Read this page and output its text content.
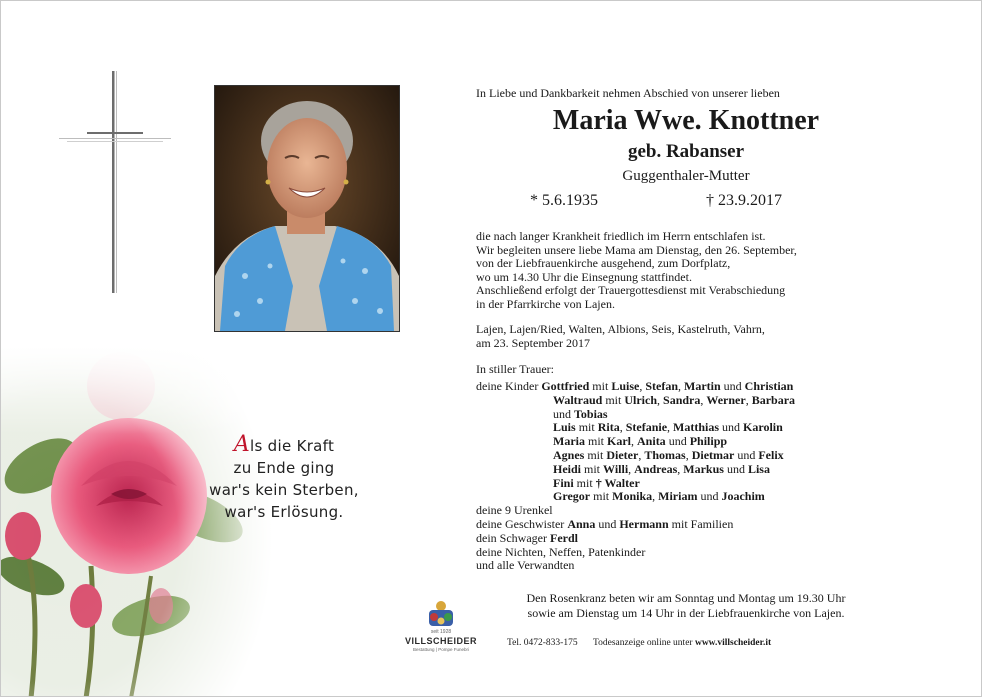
Als die Kraft
zu Ende ging
war's kein Sterben,
war's Erlösung.
In Liebe und Dankbarkeit nehmen Abschied von unserer lieben
Maria Wwe. Knottner
geb. Rabanser
Guggenthaler-Mutter
* 5.6.1935	† 23.9.2017
die nach langer Krankheit friedlich im Herrn entschlafen ist.
Wir begleiten unsere liebe Mama am Dienstag, den 26. September,
von der Liebfrauenkirche ausgehend, zum Dorfplatz,
wo um 14.30 Uhr die Einsegnung stattfindet.
Anschließend erfolgt der Trauergottesdienst mit Verabschiedung
in der Pfarrkirche von Lajen.
Lajen, Lajen/Ried, Walten, Albions, Seis, Kastelruth, Vahrn,
am 23. September 2017
In stiller Trauer:
deine Kinder Gottfried mit Luise, Stefan, Martin und Christian
Waltraud mit Ulrich, Sandra, Werner, Barbara
und Tobias
Luis mit Rita, Stefanie, Matthias und Karolin
Maria mit Karl, Anita und Philipp
Agnes mit Dieter, Thomas, Dietmar und Felix
Heidi mit Willi, Andreas, Markus und Lisa
Fini mit † Walter
Gregor mit Monika, Miriam und Joachim
deine 9 Urenkel
deine Geschwister Anna und Hermann mit Familien
dein Schwager Ferdl
deine Nichten, Neffen, Patenkinder
und alle Verwandten
Den Rosenkranz beten wir am Sonntag und Montag um 19.30 Uhr
sowie am Dienstag um 14 Uhr in der Liebfrauenkirche von Lajen.
seit 1928
VILLSCHEIDER
Bestattung | Pompe Funebri
Tel. 0472-833-175 Todesanzeige online unter www.villscheider.it
